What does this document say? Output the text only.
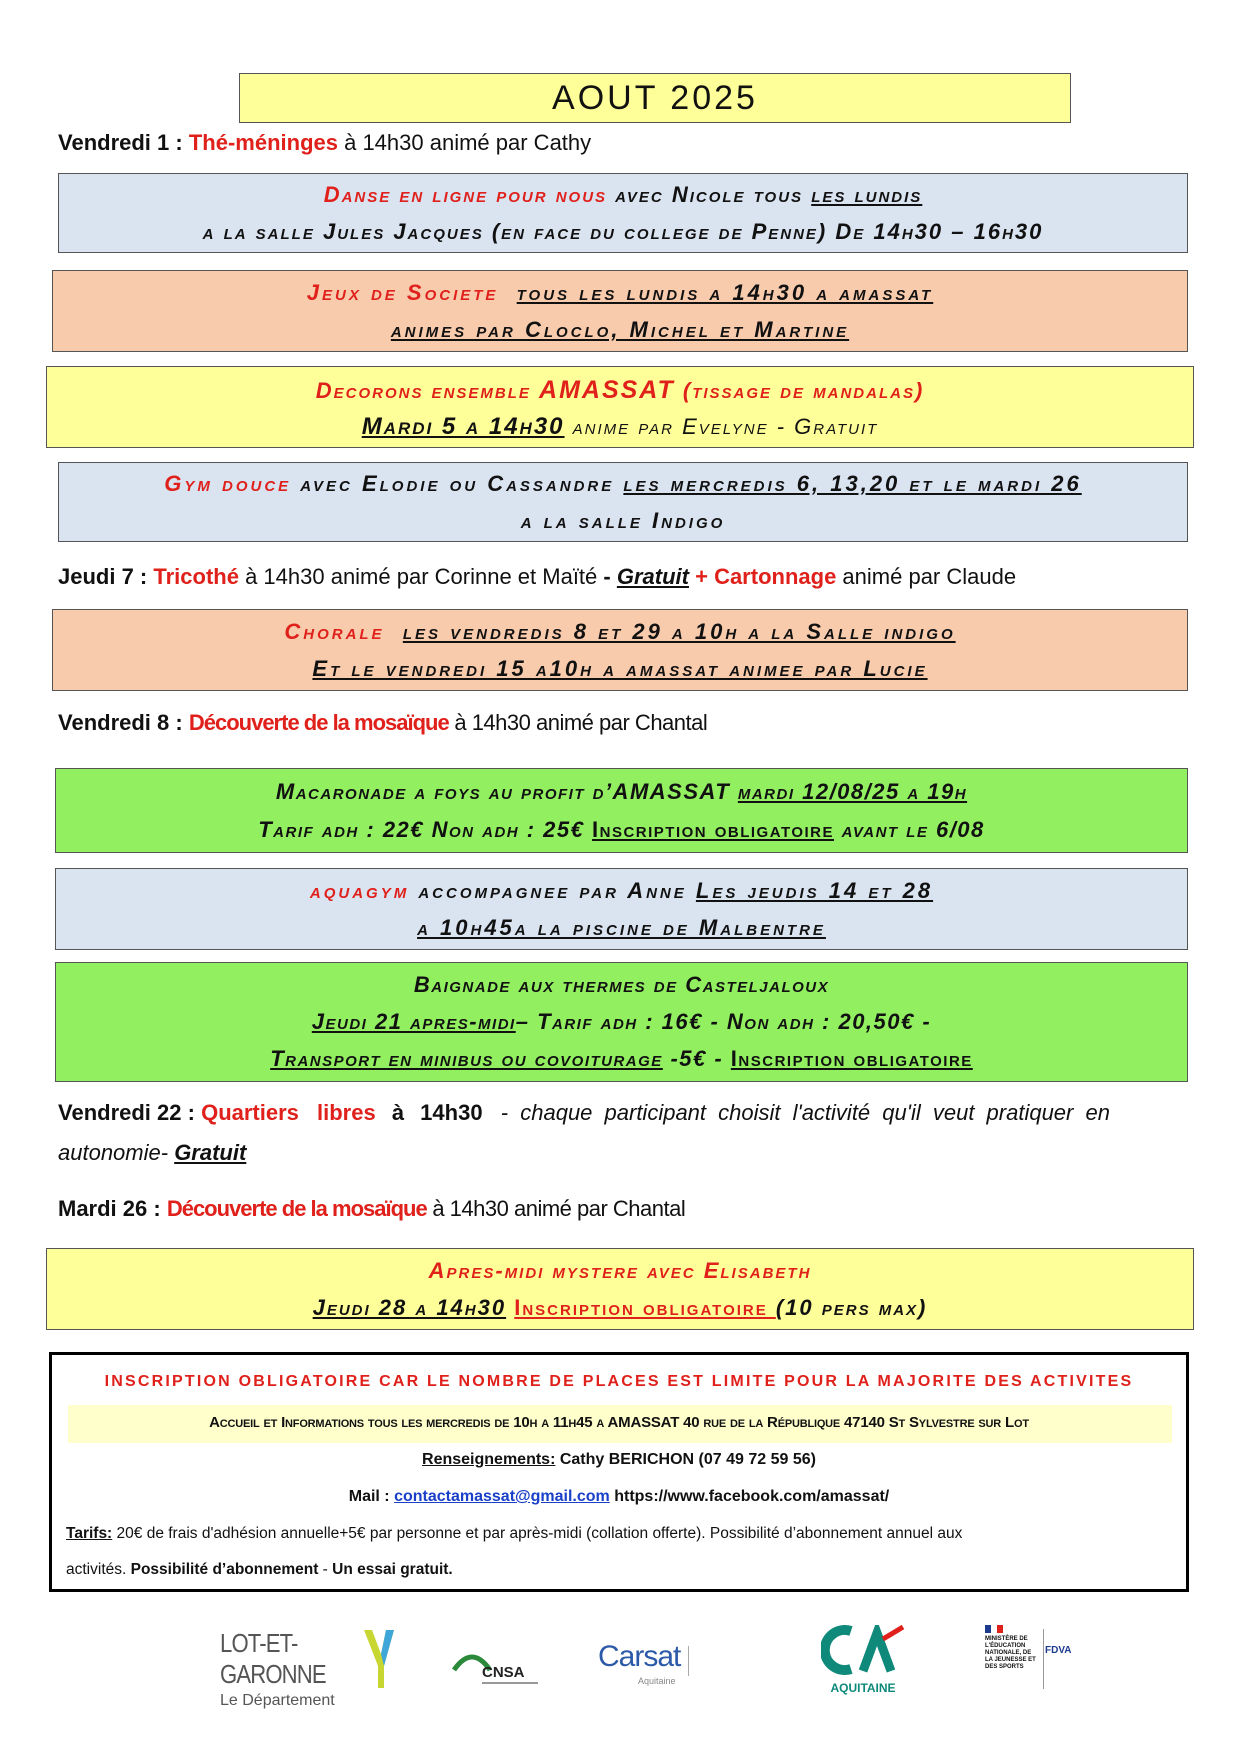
AOUT 2025
Vendredi 1 : Thé-méninges à 14h30 animé par Cathy
Danse en ligne pour nous avec Nicole tous les lundis
a la salle Jules Jacques (en face du college de Penne) De 14h30 – 16h30
Jeux de Societe tous les lundis a 14h30 a amassat
animes par Cloclo, Michel et Martine
Decorons ensemble AMASSAT (tissage de mandalas)
Mardi 5 a 14h30 anime par Evelyne - Gratuit
Gym douce avec Elodie ou Cassandre les mercredis 6, 13,20 et le mardi 26
a la salle Indigo
Jeudi 7 : Tricothé à 14h30 animé par Corinne et Maïté - Gratuit + Cartonnage animé par Claude
Chorale les vendredis 8 et 29 a 10h a la Salle indigo
Et le vendredi 15 a10h a amassat animee par Lucie
Vendredi 8 : Découverte de la mosaïque à 14h30 animé par Chantal
Macaronade a foys au profit d’AMASSAT mardi 12/08/25 a 19h
Tarif adh : 22€ Non adh : 25€ Inscription obligatoire avant le 6/08
aquagym accompagnee par Anne Les jeudis 14 et 28
a 10h45a la piscine de Malbentre
Baignade aux thermes de Casteljaloux
Jeudi 21 apres-midi– Tarif adh : 16€ - Non adh : 20,50€ -
Transport en minibus ou covoiturage -5€ - Inscription obligatoire
Vendredi 22 : Quartiers libres à 14h30  - chaque participant choisit l'activité qu'il veut pratiquer en
autonomie- Gratuit
Mardi 26 : Découverte de la mosaïque à 14h30 animé par Chantal
Apres-midi mystere avec Elisabeth
Jeudi 28 a 14h30 Inscription obligatoire (10 pers max)
INSCRIPTION OBLIGATOIRE CAR LE NOMBRE DE PLACES EST LIMITE POUR LA MAJORITE DES ACTIVITES
Accueil et Informations tous les mercredis de 10h a 11h45 a AMASSAT 40 rue de la République 47140 St Sylvestre sur Lot
Renseignements: Cathy BERICHON (07 49 72 59 56)
Mail : contactamassat@gmail.com https://www.facebook.com/amassat/
Tarifs: 20€ de frais d'adhésion annuelle+5€ par personne et par après-midi (collation offerte). Possibilité d’abonnement annuel aux
activités. Possibilité d’abonnement - Un essai gratuit.
LOT-ET-GARONNE
Le Département
CNSA Carsat
Aquitaine	AQUITAINE
MINISTÈRE DE L'ÉDUCATION NATIONALE, DE LA JEUNESSE ET DES SPORTS
FDVA
